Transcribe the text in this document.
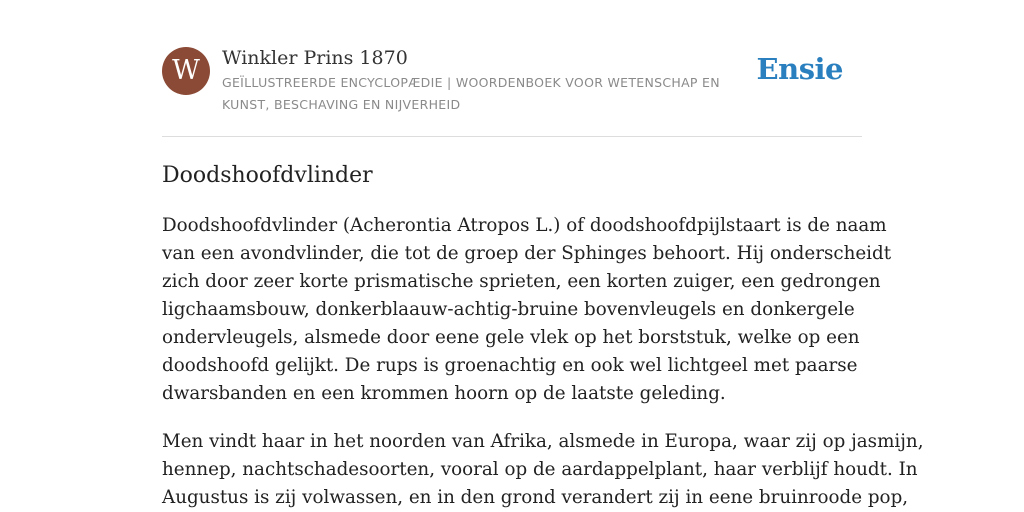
W	Winkler Prins 1870
GEÏLLUSTREERDE ENCYCLOPÆDIE | WOORDENBOEK VOOR WETENSCHAP EN KUNST, BESCHAVING EN NIJVERHEID
Ensie
Doodshoofdvlinder

Doodshoofdvlinder (Acherontia Atropos L.) of doodshoofdpijlstaart is de naam
van een avondvlinder, die tot de groep der Sphinges behoort. Hij onderscheidt
zich door zeer korte prismatische sprieten, een korten zuiger, een gedrongen
ligchaamsbouw, donkerblaauw-achtig-bruine bovenvleugels en donkergele
ondervleugels, alsmede door eene gele vlek op het borststuk, welke op een
doodshoofd gelijkt. De rups is groenachtig en ook wel lichtgeel met paarse
dwarsbanden en een krommen hoorn op de laatste geleding.

Men vindt haar in het noorden van Afrika, alsmede in Europa, waar zij op jasmijn,
hennep, nachtschadesoorten, vooral op de aardappelplant, haar verblijf houdt. In
Augustus is zij volwassen, en in den grond verandert zij in eene bruinroode pop,
